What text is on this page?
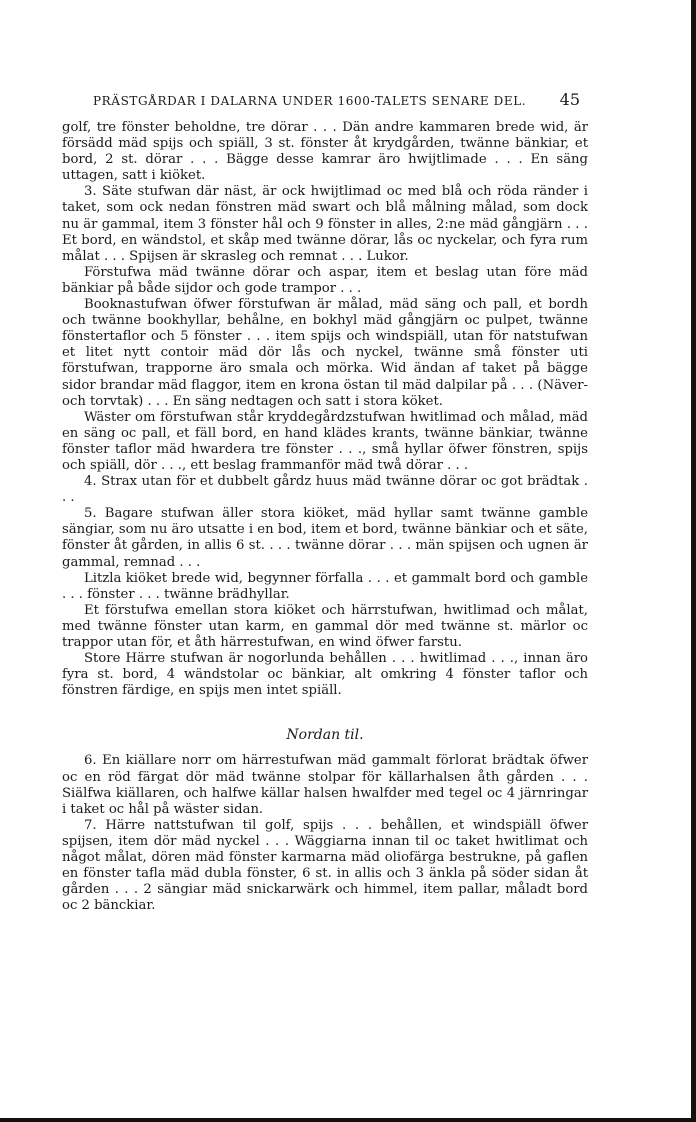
PRÄSTGÅRDAR I DALARNA UNDER 1600-TALETS SENARE DEL. 45

golf, tre fönster beholdne, tre dörar . . . Dän andre kammaren brede wid, är försädd mäd spijs och spiäll, 3 st. fönster åt krydgården, twänne bänkiar, et bord, 2 st. dörar . . . Bägge desse kamrar äro hwijtlimade . . . En säng uttagen, satt i kiöket.

3. Säte stufwan där näst, är ock hwijtlimad oc med blå och röda ränder i taket, som ock nedan fönstren mäd swart och blå målning målad, som dock nu är gammal, item 3 fönster hål och 9 fönster in alles, 2:ne mäd gångjärn . . . Et bord, en wändstol, et skåp med twänne dörar, lås oc nyckelar, och fyra rum målat . . . Spijsen är skrasleg och remnat . . . Lukor.

Förstufwa mäd twänne dörar och aspar, item et beslag utan före mäd bänkiar på både sijdor och gode trampor . . .

Booknastufwan öfwer förstufwan är målad, mäd säng och pall, et bordh och twänne bookhyllar, behålne, en bokhyl mäd gångjärn oc pulpet, twänne fönstertaflor och 5 fönster . . . item spijs och windspiäll, utan för natstufwan et litet nytt contoir mäd dör lås och nyckel, twänne små fönster uti förstufwan, trapporne äro smala och mörka. Wid ändan af taket på bägge sidor brandar mäd flaggor, item en krona östan til mäd dalpilar på . . . (Näver- och torvtak) . . . En säng nedtagen och satt i stora köket.

Wäster om förstufwan står kryddegårdzstufwan hwitlimad och målad, mäd en säng oc pall, et fäll bord, en hand klädes krants, twänne bänkiar, twänne fönster taflor mäd hwardera tre fönster . . ., små hyllar öfwer fönstren, spijs och spiäll, dör . . ., ett beslag frammanför mäd twå dörar . . .

4. Strax utan för et dubbelt gårdz huus mäd twänne dörar oc got brädtak . . .

5. Bagare stufwan äller stora kiöket, mäd hyllar samt twänne gamble sängiar, som nu äro utsatte i en bod, item et bord, twänne bänkiar och et säte, fönster åt gården, in allis 6 st. . . . twänne dörar . . . män spijsen och ugnen är gammal, remnad . . .

Litzla kiöket brede wid, begynner förfalla . . . et gammalt bord och gamble . . . fönster . . . twänne brädhyllar.

Et förstufwa emellan stora kiöket och härrstufwan, hwitlimad och målat, med twänne fönster utan karm, en gammal dör med twänne st. märlor oc trappor utan för, et åth härrestufwan, en wind öfwer farstu.

Store Härre stufwan är nogorlunda behållen . . . hwitlimad . . ., innan äro fyra st. bord, 4 wändstolar oc bänkiar, alt omkring 4 fönster taflor och fönstren färdige, en spijs men intet spiäll.

Nordan til.

6. En kiällare norr om härrestufwan mäd gammalt förlorat brädtak öfwer oc en röd färgat dör mäd twänne stolpar för källarhalsen åth gården . . . Siälfwa kiällaren, och halfwe källar halsen hwalfder med tegel oc 4 järnringar i taket oc hål på wäster sidan.

7. Härre nattstufwan til golf, spijs . . . behållen, et windspiäll öfwer spijsen, item dör mäd nyckel . . . Wäggiarna innan til oc taket hwitlimat och något målat, dören mäd fönster karmarna mäd oliofärga bestrukne, på gaflen en fönster tafla mäd dubla fönster, 6 st. in allis och 3 änkla på söder sidan åt gården . . . 2 sängiar mäd snickarwärk och himmel, item pallar, måladt bord oc 2 bänckiar.
